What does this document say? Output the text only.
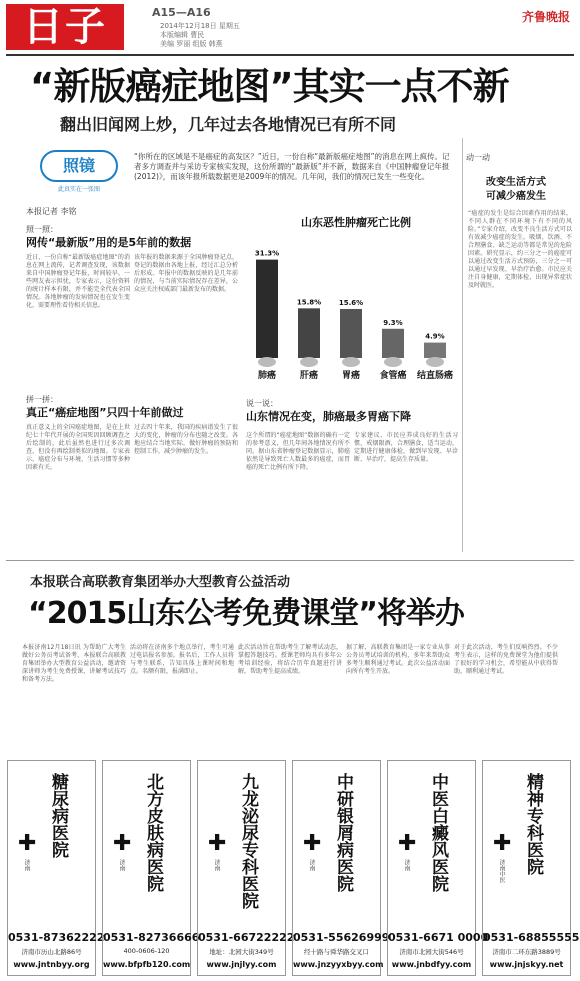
日子	A15—A16
2014年12月18日 星期五
本版编辑 曹民
美编 罗丽 组版 韩燕
齐鲁晚报
“新版癌症地图”其实一点不新
翻出旧闻网上炒，几年过去各地情况已有所不同
照镜
此真实在一张图
“你所在的区域是不是癌症的高发区？”近日，一份自称“最新版癌症地图”的消息在网上疯传。记者多方调查并与采访专家核实发现，这份所谓的“最新版”并不新，数据来自《中国肿瘤登记年报(2012)》，而该年报所载数据更是2009年的情况。几年间，我们的情况已发生一些变化。
本报记者 李铭
照一照：
网传“最新版”用的是5年前的数据
近日，一份自称“最新版癌症地图”的消息在网上流传，记者调查发现，该数据来自中国肿瘤登记年报，时间较早。一些网友表示担忧，专家表示，这份资料的统计样本有限，并不能完全代表全国情况。各地肿瘤的发病情况也在发生变化，需要理性看待相关信息。
该年报的数据来源于全国肿瘤登记点，登记的数据由各地上报，经过汇总分析后形成。年报中的数据反映的是几年前的情况，与当前实际情况存在差异，公众应关注权威部门最新发布的数据。
拼一拼：
真正“癌症地图”只四十年前做过
真正意义上的全国癌症地图，是在上世纪七十年代开展的全国死因回顾调查之后绘制的。此后虽然也进行过多次调查，但没有再绘制类似的地图。专家表示，癌症分布与环境、生活习惯等多种因素有关。
过去四十年来，我国的疾病谱发生了很大的变化，肿瘤的分布也随之改变。各地应结合当地实际，做好肿瘤的预防和控制工作，减少肿瘤的发生。
山东恶性肿瘤死亡比例
31.3%
肺癌
15.8%
肝癌
15.6%
胃癌
9.3%
食管癌
4.9%
结直肠癌
说一说：
山东情况在变，肺癌最多胃癌下降
这个所谓的“癌症地图”数据的确有一定的参考意义，但几年间各地情况有所不同。据山东省肿瘤登记数据显示，肺癌依然是导致死亡人数最多的癌症，而胃癌的死亡比例有所下降。
专家建议，市民应养成良好的生活习惯，戒烟限酒，合理膳食，适当运动，定期进行健康体检，做到早发现、早诊断、早治疗，提高生存质量。
动一动
改变生活方式
可减少癌发生
“癌症的发生是综合因素作用的结果，不同人群在不同环境下有不同的风险。”专家介绍，改变不良生活方式可以有效减少癌症的发生。吸烟、饮酒、不合理膳食、缺乏运动等都是常见的危险因素。研究显示，约三分之一的癌症可以通过改变生活方式预防，三分之一可以通过早发现、早治疗治愈。市民应关注自身健康，定期体检，出现异常症状及时就医。
本报联合高联教育集团举办大型教育公益活动
“2015山东公考免费课堂”将举办
本报济南12月18日讯 为帮助广大考生做好公务员考试备考，本报联合高联教育集团举办大型教育公益活动，邀请资深讲师为考生免费授课，讲解考试技巧和备考方法。
活动将在济南多个地点举行，考生可通过电话报名参加。报名后，工作人员将与考生联系，告知具体上课时间和地点。名额有限，报满即止。
此次活动旨在帮助考生了解考试动态，掌握答题技巧。授课老师均具有多年公考培训经验，将结合历年真题进行讲解，帮助考生提高成绩。
据了解，高联教育集团是一家专业从事公务员考试培训的机构，多年来帮助众多考生顺利通过考试。此次公益活动面向所有考生开放。
对于此次活动，考生们反响热烈。不少考生表示，这样的免费课堂为他们提供了很好的学习机会，希望能从中获得帮助，顺利通过考试。
糖尿病医院
✚
济南
0531-87362222
济南市历山北路86号
www.jntnbyy.org
北方皮肤病医院
✚
济南
0531-82736666
400-0606-120
www.bfpfb120.com
九龙泌尿专科医院
✚
济南
0531-66722222
地址：北园大街349号
www.jnjlyy.com
中研银屑病医院
✚
济南
0531-55626999
经十路与舜华路交叉口
www.jnzyyxbyy.com
中医白癜风医院
✚
济南
0531-6671 0000
济南市北园大街546号
www.jnbdfyy.com
精神专科医院
✚
济南中医
0531-68855555
济南市二环东路3889号
www.jnjskyy.net
